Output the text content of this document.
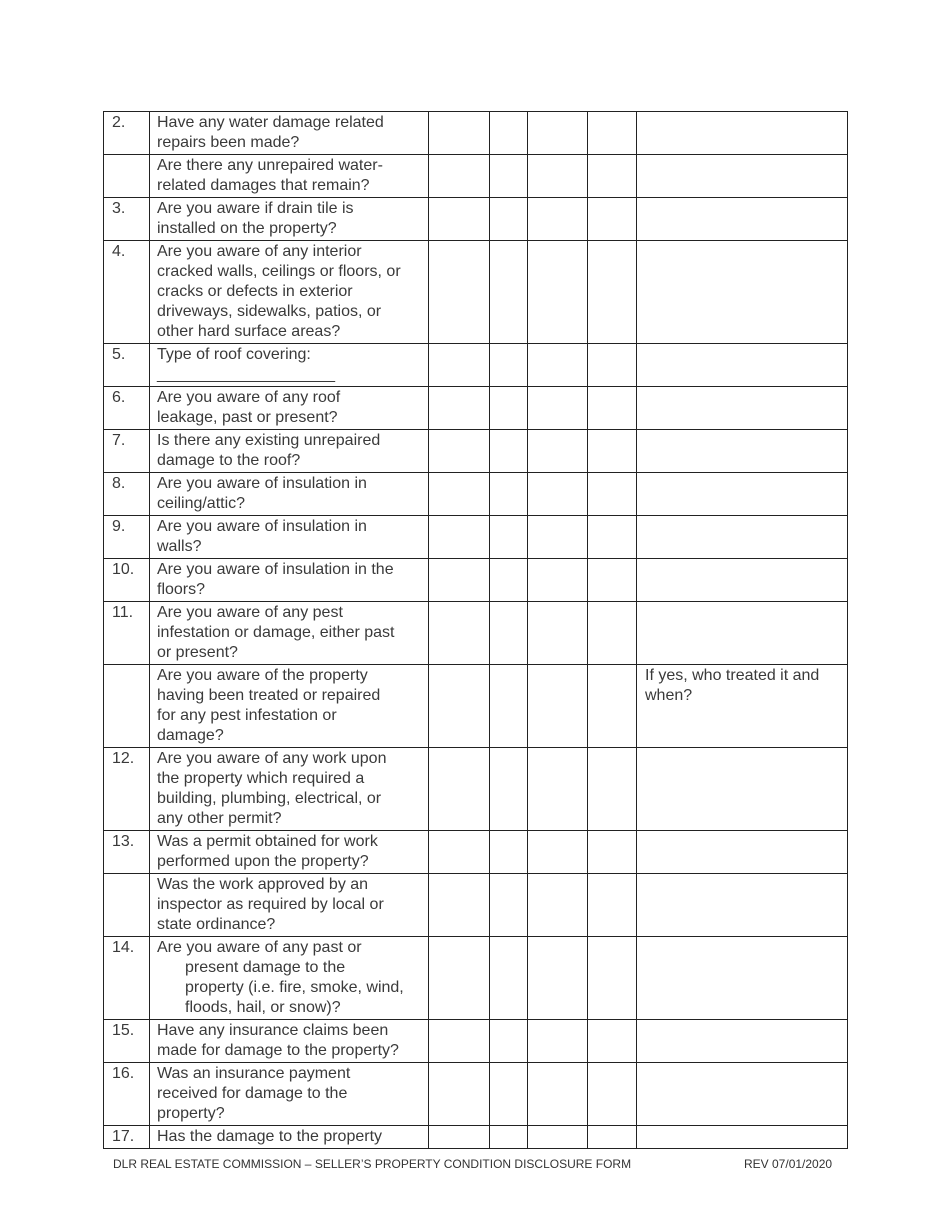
2.	Have any water damage related
repairs been made?					

	Are there any unrepaired water-
related damages that remain?					

3.	Are you aware if drain tile is
installed on the property?					

4.	Are you aware of any interior
cracked walls, ceilings or floors, or
cracks or defects in exterior
driveways, sidewalks, patios, or
other hard surface areas?					

5.	Type of roof covering:
____________________					

6.	Are you aware of any roof
leakage, past or present?					

7.	Is there any existing unrepaired
damage to the roof?					

8.	Are you aware of insulation in
ceiling/attic?					

9.	Are you aware of insulation in
walls?					

10.	Are you aware of insulation in the
floors?					

11.	Are you aware of any pest
infestation or damage, either past
or present?					

	Are you aware of the property
having been treated or repaired
for any pest infestation or
damage?					If yes, who treated it and
when?

12.	Are you aware of any work upon
the property which required a
building, plumbing, electrical, or
any other permit?					

13.	Was a permit obtained for work
performed upon the property?					

	Was the work approved by an
inspector as required by local or
state ordinance?					

14.	Are you aware of any past or
present damage to the
property (i.e. fire, smoke, wind,
floods, hail, or snow)?					

15.	Have any insurance claims been
made for damage to the property?					

16.	Was an insurance payment
received for damage to the
property?					

17.	Has the damage to the property					

DLR REAL ESTATE COMMISSION – SELLER’S PROPERTY CONDITION DISCLOSURE FORM	REV 07/01/2020
